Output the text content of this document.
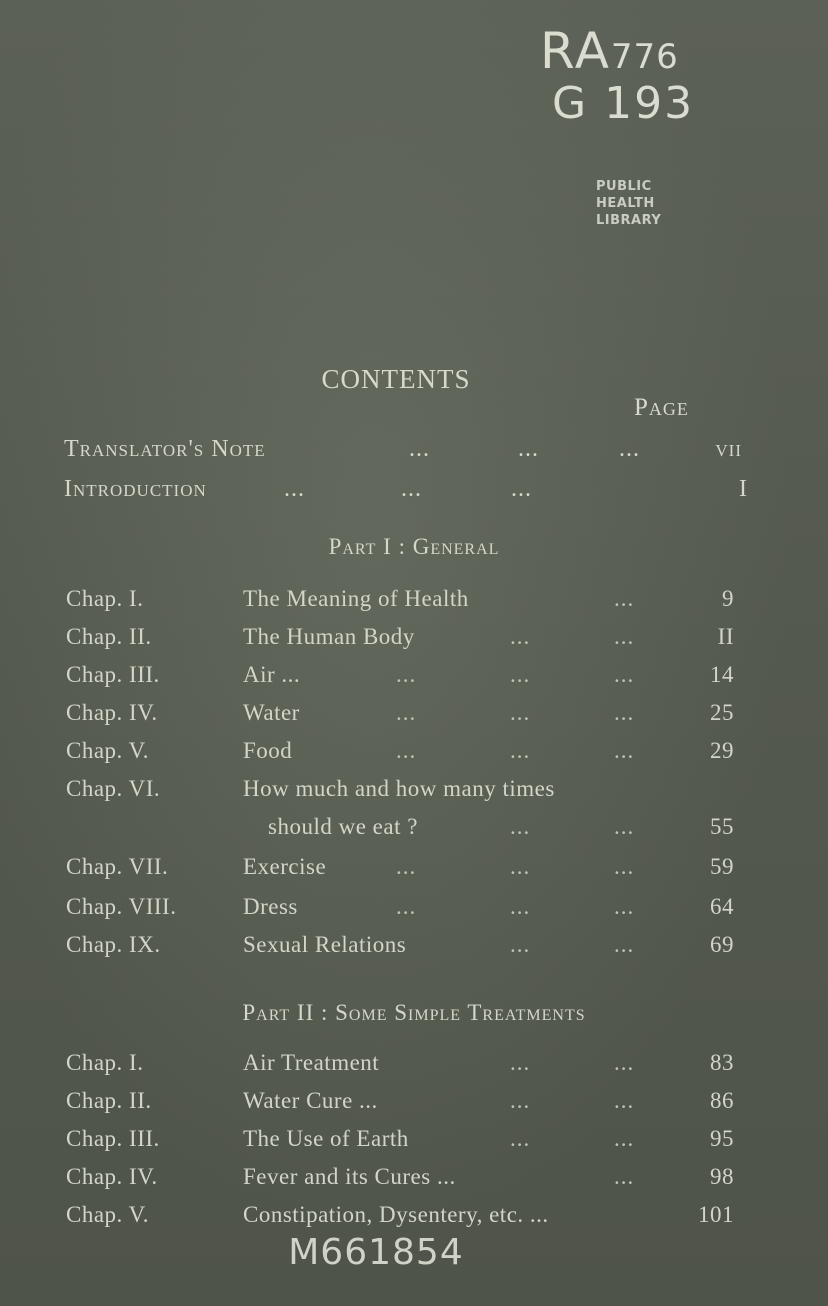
RA776
G 193
PUBLIC
HEALTH
LIBRARY
CONTENTS
Page
Translator's Note	...	...	...	vii
Introduction	...	...	...	I
Part I : General
Chap. I.	The Meaning of Health	...	9
Chap. II.	The Human Body	...	...	II
Chap. III.	Air ...	...	...	...	14
Chap. IV.	Water	...	...	...	25
Chap. V.	Food	...	...	...	29
Chap. VI.	How much and how many times
should we eat ?	...	...	55
Chap. VII.	Exercise	...	...	...	59
Chap. VIII.	Dress	...	...	...	64
Chap. IX.	Sexual Relations	...	...	69
Part II : Some Simple Treatments
Chap. I.	Air Treatment	...	...	83
Chap. II.	Water Cure ...	...	...	86
Chap. III.	The Use of Earth	...	...	95
Chap. IV.	Fever and its Cures ...	...	98
Chap. V.	Constipation, Dysentery, etc. ...	101
M661854
